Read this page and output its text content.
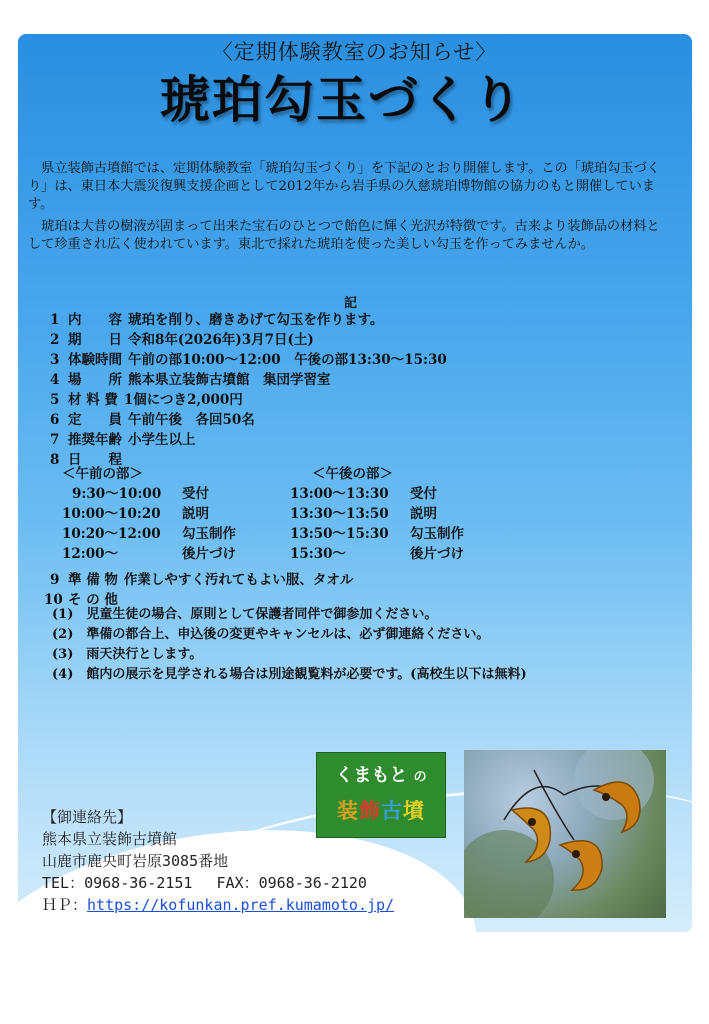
〈定期体験教室のお知らせ〉
琥珀勾玉づくり

　県立装飾古墳館では、定期体験教室「琥珀勾玉づくり」を下記のとおり開催します。この「琥珀勾玉づくり」は、東日本大震災復興支援企画として2012年から岩手県の久慈琥珀博物館の協力のもと開催しています。

　琥珀は大昔の樹液が固まって出来た宝石のひとつで飴色に輝く光沢が特徴です。古来より装飾品の材料として珍重され広く使われています。東北で採れた琥珀を使った美しい勾玉を作ってみませんか。

記
1 内　　容 琥珀を削り、磨きあげて勾玉を作ります。
2 期　　日 令和8年(2026年)3月7日(土)
3 体験時間 午前の部10:00～12:00　午後の部13:30～15:30
4 場　　所 熊本県立装飾古墳館　集団学習室
5 材 料 費 1個につき2,000円
6 定　　員 午前午後　各回50名
7 推奨年齢 小学生以上
8 日　　程
9 準 備 物 作業しやすく汚れてもよい服、タオル
10 そ の 他
＜午前の部＞
9:30～10:00 受付
10:00～10:20 説明
10:20～12:00 勾玉制作
12:00～	後片づけ
＜午後の部＞
13:00～13:30 受付
13:30～13:50 説明
13:50～15:30 勾玉制作
15:30～	後片づけ
(1)　児童生徒の場合、原則として保護者同伴で御参加ください。
(2)　準備の都合上、申込後の変更やキャンセルは、必ず御連絡ください。
(3)　雨天決行とします。
(4)　館内の展示を見学される場合は別途観覧料が必要です。(高校生以下は無料)
くまもと の
装飾古墳
【御連絡先】
熊本県立装飾古墳館
山鹿市鹿央町岩原3085番地
TEL：0968-36-2151　 FAX：0968-36-2120
ＨＰ：https://kofunkan.pref.kumamoto.jp/
